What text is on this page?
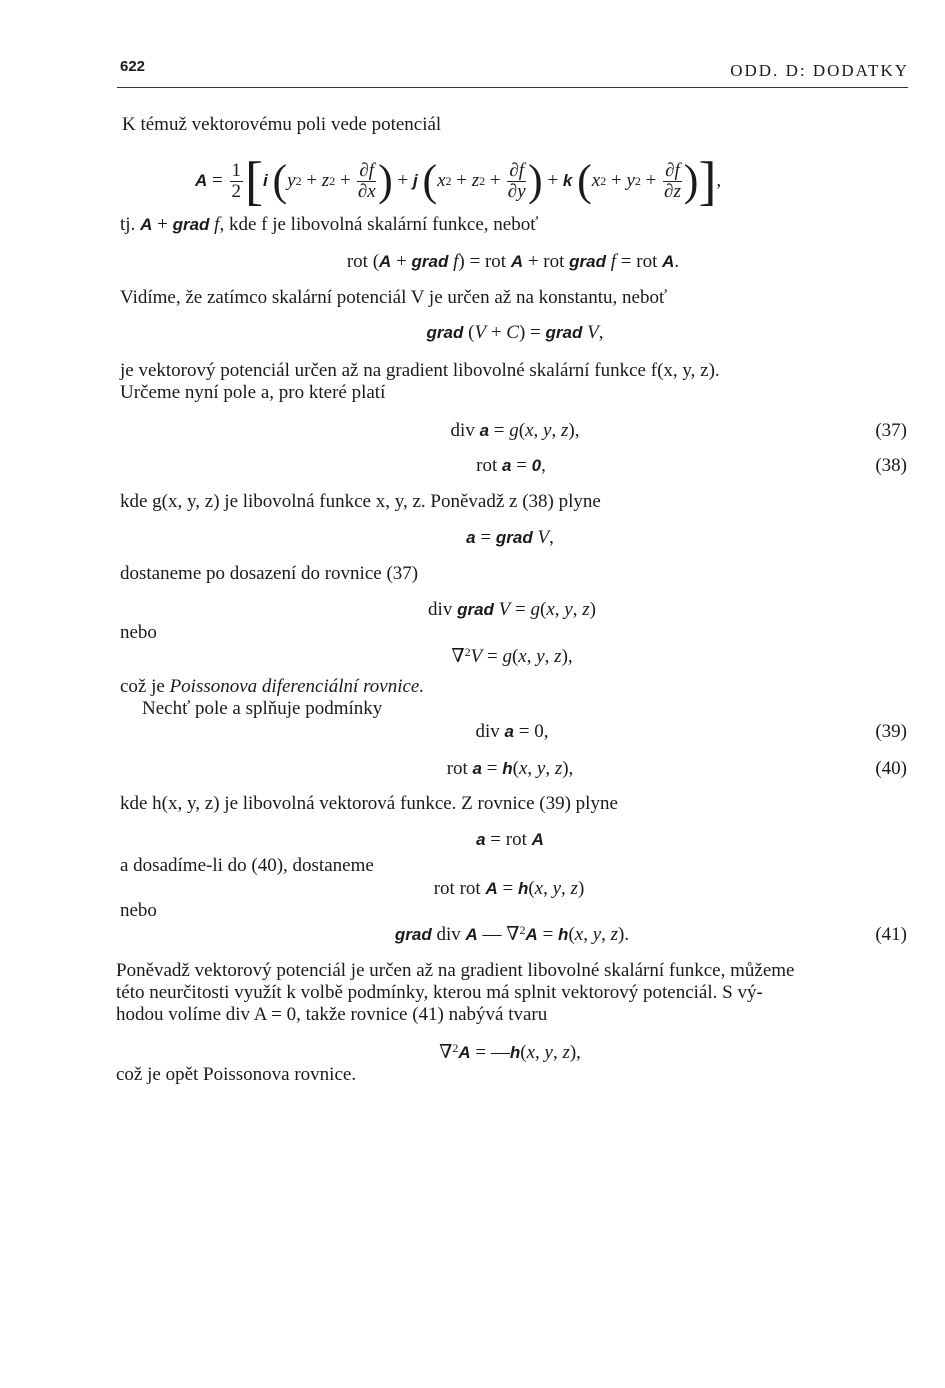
622	ODD. D: DODATKY
K témuž vektorovému poli vede potenciál
$A = \frac{1}{2}$ [ i
( y 2 + z $2 + \frac{\partial f}{\partial x}$ ) + j
( x 2 + z $2 + \frac{\partial f}{\partial y}$ ) + k
( x 2 + y $2 + \frac{\partial f}{\partial z}$ ) ] ,
tj. A + grad f, kde f je libovolná skalární funkce, neboť
rot (A + grad f) = rot A + rot grad f = rot A.
Vidíme, že zatímco skalární potenciál V je určen až na konstantu, neboť
grad (V + C) = grad V,
je vektorový potenciál určen až na gradient libovolné skalární funkce f(x, y, z).
Určeme nyní pole a, pro které platí
div a = g(x, y, z),	(37)
rot a = 0,	(38)
kde g(x, y, z) je libovolná funkce x, y, z. Poněvadž z (38) plyne
a = grad V,
dostaneme po dosazení do rovnice (37)
div grad V = g(x, y, z)
nebo
∇$^2$V = g(x, y, z),
což je Poissonova diferenciální rovnice.
Nechť pole a splňuje podmínky
div a = 0,	(39)
rot a = h(x, y, z),	(40)
kde h(x, y, z) je libovolná vektorová funkce. Z rovnice (39) plyne
a = rot A
a dosadíme-li do (40), dostaneme
rot rot A = h(x, y, z)
nebo
grad div A — ∇$^2$A = h(x, y, z).	(41)
Poněvadž vektorový potenciál je určen až na gradient libovolné skalární funkce, můžeme
této neurčitosti využít k volbě podmínky, kterou má splnit vektorový potenciál. S vý-
hodou volíme div A = 0, takže rovnice (41) nabývá tvaru
∇$^2$A = —h(x, y, z),
což je opět Poissonova rovnice.
